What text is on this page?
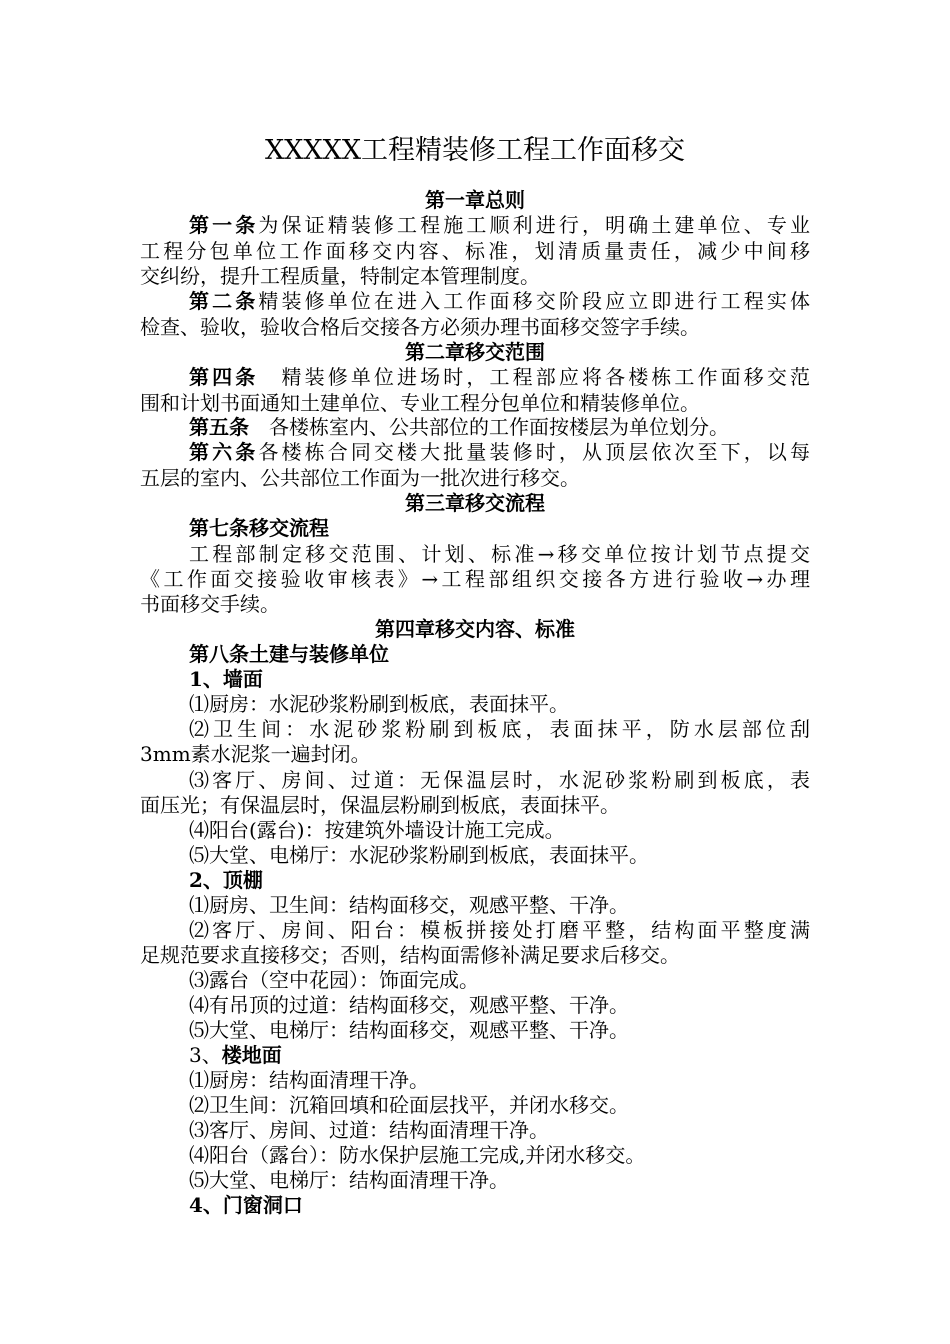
XXXXX工程精装修工程工作面移交
第一章总则
第一条为保证精装修工程施工顺利进行，明确土建单位、专业
工程分包单位工作面移交内容、标准，划清质量责任，减少中间移
交纠纷，提升工程质量，特制定本管理制度。
第二条精装修单位在进入工作面移交阶段应立即进行工程实体
检查、验收，验收合格后交接各方必须办理书面移交签字手续。
第二章移交范围
第四条　精装修单位进场时，工程部应将各楼栋工作面移交范
围和计划书面通知土建单位、专业工程分包单位和精装修单位。
第五条　各楼栋室内、公共部位的工作面按楼层为单位划分。
第六条各楼栋合同交楼大批量装修时，从顶层依次至下，以每
五层的室内、公共部位工作面为一批次进行移交。
第三章移交流程
第七条移交流程
工程部制定移交范围、计划、标准→移交单位按计划节点提交
《工作面交接验收审核表》→工程部组织交接各方进行验收→办理
书面移交手续。
第四章移交内容、标准
第八条土建与装修单位
1、墙面
⑴厨房：水泥砂浆粉刷到板底，表面抹平。
⑵卫生间：水泥砂浆粉刷到板底，表面抹平，防水层部位刮
3mm素水泥浆一遍封闭。
⑶客厅、房间、过道：无保温层时，水泥砂浆粉刷到板底，表
面压光；有保温层时，保温层粉刷到板底，表面抹平。
⑷阳台(露台)：按建筑外墙设计施工完成。
⑸大堂、电梯厅：水泥砂浆粉刷到板底，表面抹平。
2、顶棚
⑴厨房、卫生间：结构面移交，观感平整、干净。
⑵客厅、房间、阳台：模板拼接处打磨平整，结构面平整度满
足规范要求直接移交；否则，结构面需修补满足要求后移交。
⑶露台（空中花园）：饰面完成。
⑷有吊顶的过道：结构面移交，观感平整、干净。
⑸大堂、电梯厅：结构面移交，观感平整、干净。
3、楼地面
⑴厨房：结构面清理干净。
⑵卫生间：沉箱回填和砼面层找平，并闭水移交。
⑶客厅、房间、过道：结构面清理干净。
⑷阳台（露台）：防水保护层施工完成,并闭水移交。
⑸大堂、电梯厅：结构面清理干净。
4、门窗洞口
